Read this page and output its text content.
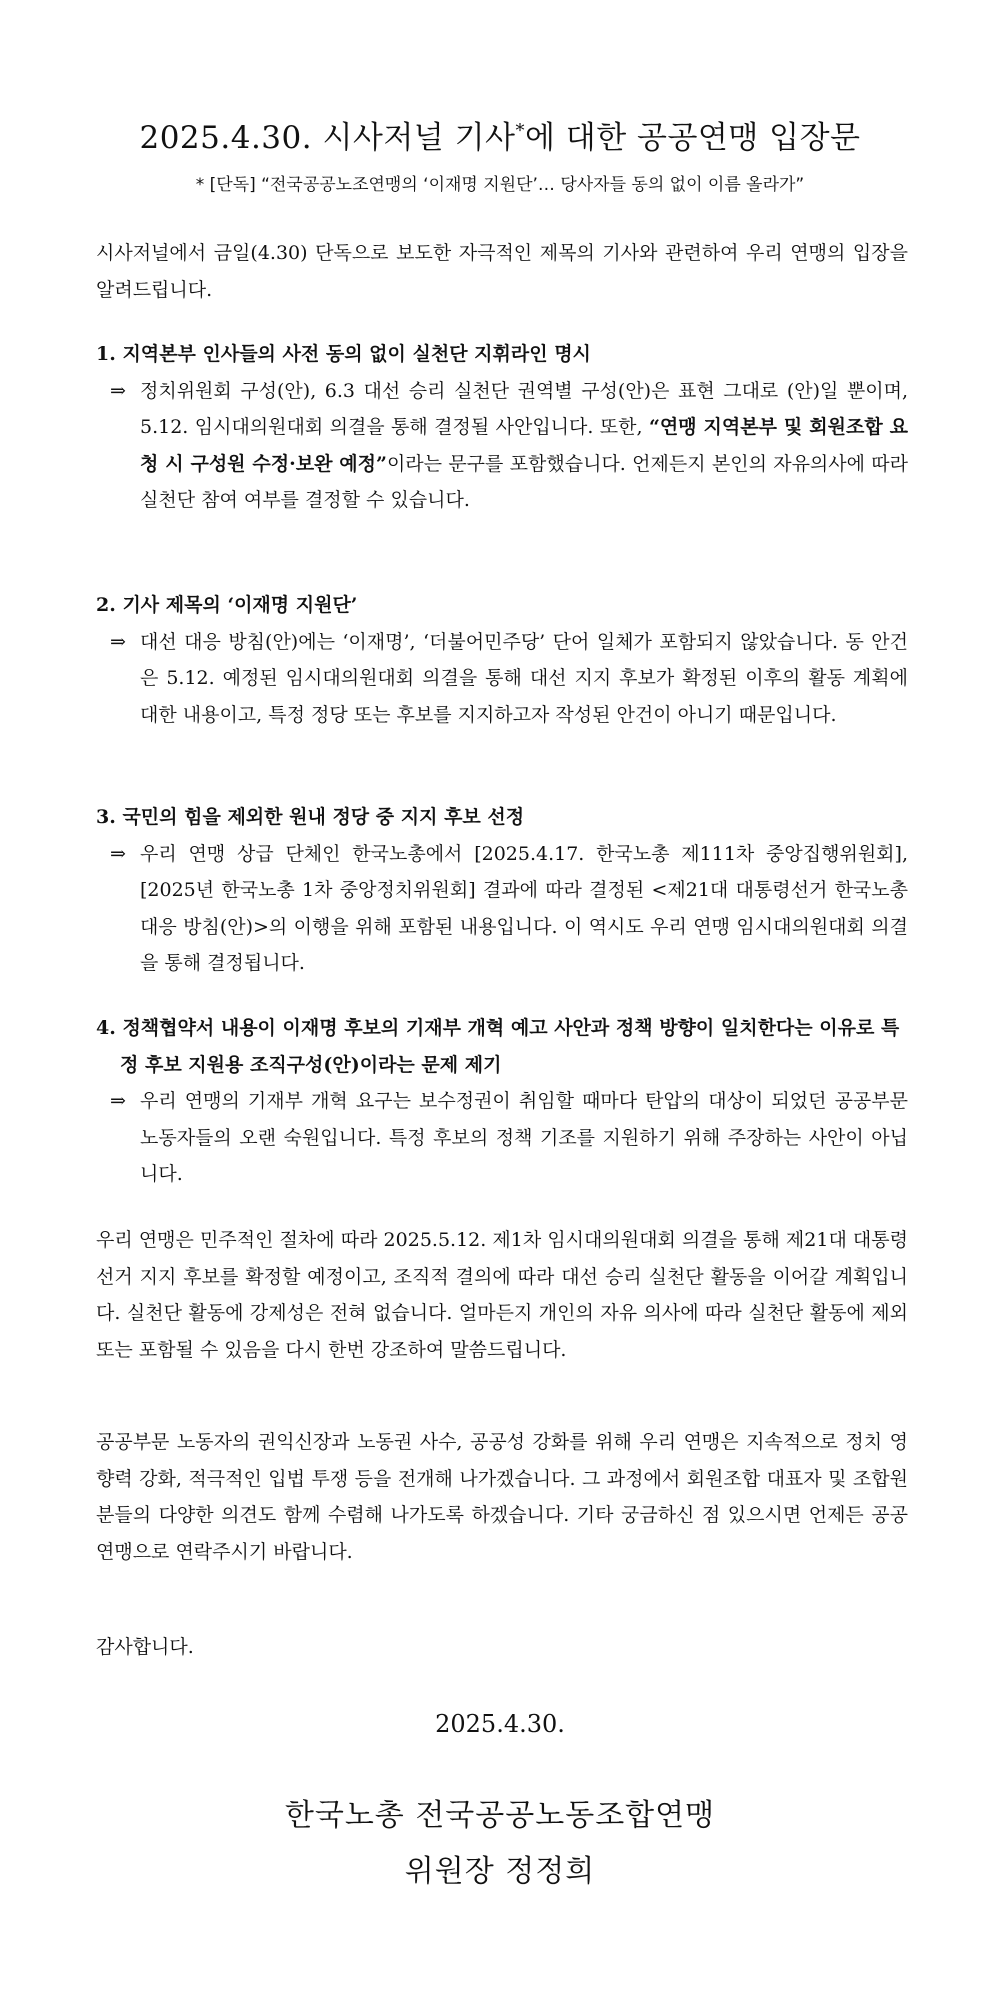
2025.4.30. 시사저널 기사*에 대한 공공연맹 입장문
* [단독] “전국공공노조연맹의 ‘이재명 지원단’… 당사자들 동의 없이 이름 올라가”
시사저널에서 금일(4.30) 단독으로 보도한 자극적인 제목의 기사와 관련하여 우리 연맹의 입장을 알려드립니다.
1. 지역본부 인사들의 사전 동의 없이 실천단 지휘라인 명시
⇒ 정치위원회 구성(안), 6.3 대선 승리 실천단 권역별 구성(안)은 표현 그대로 (안)일 뿐이며, 5.12. 임시대의원대회 의결을 통해 결정될 사안입니다. 또한, “연맹 지역본부 및 회원조합 요청 시 구성원 수정·보완 예정”이라는 문구를 포함했습니다. 언제든지 본인의 자유의사에 따라 실천단 참여 여부를 결정할 수 있습니다.
2. 기사 제목의 ‘이재명 지원단’
⇒ 대선 대응 방침(안)에는 ‘이재명’, ‘더불어민주당’ 단어 일체가 포함되지 않았습니다. 동 안건은 5.12. 예정된 임시대의원대회 의결을 통해 대선 지지 후보가 확정된 이후의 활동 계획에 대한 내용이고, 특정 정당 또는 후보를 지지하고자 작성된 안건이 아니기 때문입니다.
3. 국민의 힘을 제외한 원내 정당 중 지지 후보 선정
⇒ 우리 연맹 상급 단체인 한국노총에서 [2025.4.17. 한국노총 제111차 중앙집행위원회], [2025년 한국노총 1차 중앙정치위원회] 결과에 따라 결정된 <제21대 대통령선거 한국노총 대응 방침(안)>의 이행을 위해 포함된 내용입니다. 이 역시도 우리 연맹 임시대의원대회 의결을 통해 결정됩니다.
4. 정책협약서 내용이 이재명 후보의 기재부 개혁 예고 사안과 정책 방향이 일치한다는 이유로 특정 후보 지원용 조직구성(안)이라는 문제 제기
⇒ 우리 연맹의 기재부 개혁 요구는 보수정권이 취임할 때마다 탄압의 대상이 되었던 공공부문 노동자들의 오랜 숙원입니다. 특정 후보의 정책 기조를 지원하기 위해 주장하는 사안이 아닙니다.
우리 연맹은 민주적인 절차에 따라 2025.5.12. 제1차 임시대의원대회 의결을 통해 제21대 대통령 선거 지지 후보를 확정할 예정이고, 조직적 결의에 따라 대선 승리 실천단 활동을 이어갈 계획입니다. 실천단 활동에 강제성은 전혀 없습니다. 얼마든지 개인의 자유 의사에 따라 실천단 활동에 제외 또는 포함될 수 있음을 다시 한번 강조하여 말씀드립니다.
공공부문 노동자의 권익신장과 노동권 사수, 공공성 강화를 위해 우리 연맹은 지속적으로 정치 영향력 강화, 적극적인 입법 투쟁 등을 전개해 나가겠습니다. 그 과정에서 회원조합 대표자 및 조합원분들의 다양한 의견도 함께 수렴해 나가도록 하겠습니다. 기타 궁금하신 점 있으시면 언제든 공공연맹으로 연락주시기 바랍니다.
감사합니다.
2025.4.30.
한국노총 전국공공노동조합연맹
위원장 정정희
